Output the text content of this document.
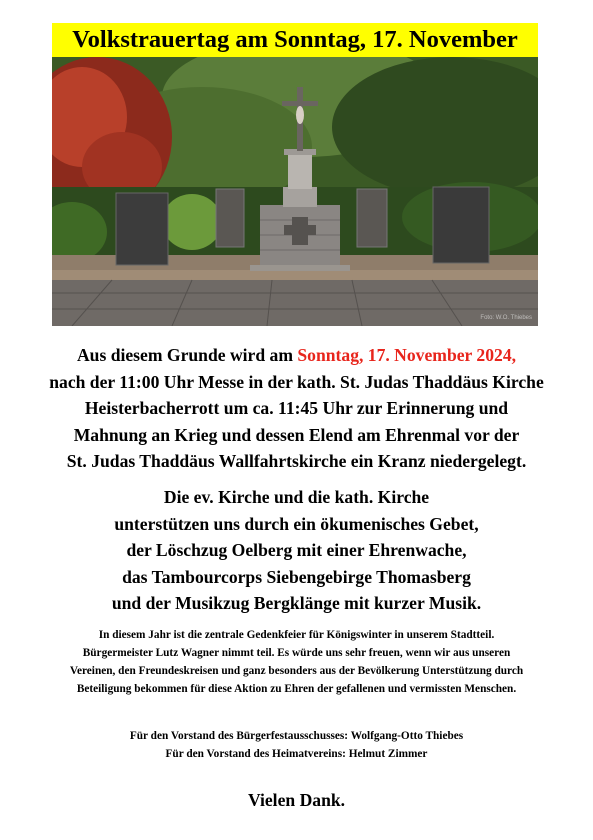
Volkstrauertag am Sonntag, 17. November
Foto: W.O. Thiebes
Aus diesem Grunde wird am Sonntag, 17. November 2024,
nach der 11:00 Uhr Messe in der kath. St. Judas Thaddäus Kirche
Heisterbacherrott um ca. 11:45 Uhr zur Erinnerung und
Mahnung an Krieg und dessen Elend am Ehrenmal vor der
St. Judas Thaddäus Wallfahrtskirche ein Kranz niedergelegt.
Die ev. Kirche und die kath. Kirche
unterstützen uns durch ein ökumenisches Gebet,
der Löschzug Oelberg mit einer Ehrenwache,
das Tambourcorps Siebengebirge Thomasberg
und der Musikzug Bergklänge mit kurzer Musik.
In diesem Jahr ist die zentrale Gedenkfeier für Königswinter in unserem Stadtteil.
Bürgermeister Lutz Wagner nimmt teil. Es würde uns sehr freuen, wenn wir aus unseren
Vereinen, den Freundeskreisen und ganz besonders aus der Bevölkerung Unterstützung durch
Beteiligung bekommen für diese Aktion zu Ehren der gefallenen und vermissten Menschen.
Für den Vorstand des Bürgerfestausschusses: Wolfgang-Otto Thiebes
Für den Vorstand des Heimatvereins: Helmut Zimmer
Vielen Dank.
